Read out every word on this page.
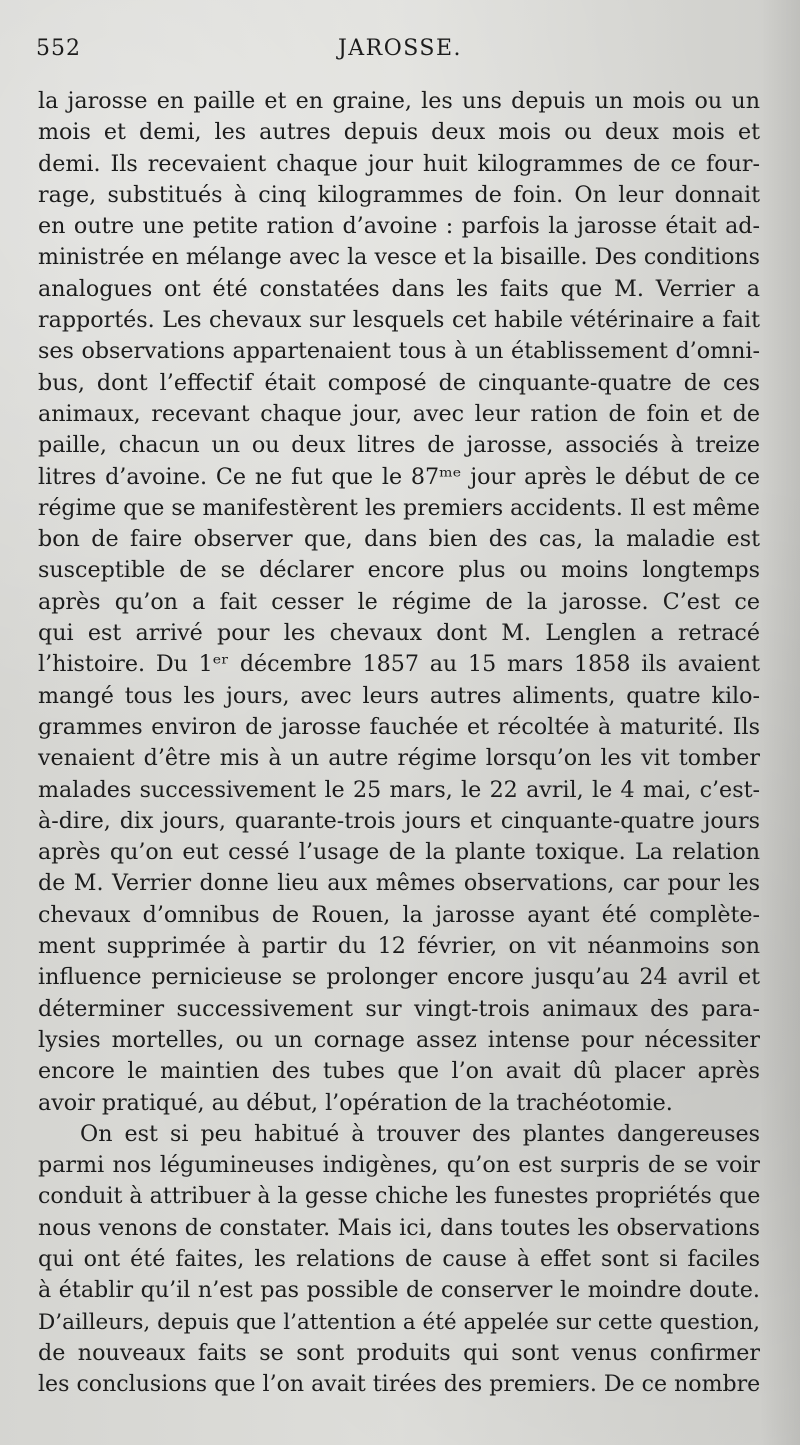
552	JAROSSE.
la jarosse en paille et en graine, les uns depuis un mois ou un
mois et demi, les autres depuis deux mois ou deux mois et
demi. Ils recevaient chaque jour huit kilogrammes de ce four-
rage, substitués à cinq kilogrammes de foin. On leur donnait
en outre une petite ration d’avoine : parfois la jarosse était ad-
ministrée en mélange avec la vesce et la bisaille. Des conditions
analogues ont été constatées dans les faits que M. Verrier a
rapportés. Les chevaux sur lesquels cet habile vétérinaire a fait
ses observations appartenaient tous à un établissement d’omni-
bus, dont l’effectif était composé de cinquante-quatre de ces
animaux, recevant chaque jour, avec leur ration de foin et de
paille, chacun un ou deux litres de jarosse, associés à treize
litres d’avoine. Ce ne fut que le 87ᵐᵉ jour après le début de ce
régime que se manifestèrent les premiers accidents. Il est même
bon de faire observer que, dans bien des cas, la maladie est
susceptible de se déclarer encore plus ou moins longtemps
après qu’on a fait cesser le régime de la jarosse. C’est ce
qui est arrivé pour les chevaux dont M. Lenglen a retracé
l’histoire. Du 1ᵉʳ décembre 1857 au 15 mars 1858 ils avaient
mangé tous les jours, avec leurs autres aliments, quatre kilo-
grammes environ de jarosse fauchée et récoltée à maturité. Ils
venaient d’être mis à un autre régime lorsqu’on les vit tomber
malades successivement le 25 mars, le 22 avril, le 4 mai, c’est-
à-dire, dix jours, quarante-trois jours et cinquante-quatre jours
après qu’on eut cessé l’usage de la plante toxique. La relation
de M. Verrier donne lieu aux mêmes observations, car pour les
chevaux d’omnibus de Rouen, la jarosse ayant été complète-
ment supprimée à partir du 12 février, on vit néanmoins son
influence pernicieuse se prolonger encore jusqu’au 24 avril et
déterminer successivement sur vingt-trois animaux des para-
lysies mortelles, ou un cornage assez intense pour nécessiter
encore le maintien des tubes que l’on avait dû placer après
avoir pratiqué, au début, l’opération de la trachéotomie.
On est si peu habitué à trouver des plantes dangereuses
parmi nos légumineuses indigènes, qu’on est surpris de se voir
conduit à attribuer à la gesse chiche les funestes propriétés que
nous venons de constater. Mais ici, dans toutes les observations
qui ont été faites, les relations de cause à effet sont si faciles
à établir qu’il n’est pas possible de conserver le moindre doute.
D’ailleurs, depuis que l’attention a été appelée sur cette question,
de nouveaux faits se sont produits qui sont venus confirmer
les conclusions que l’on avait tirées des premiers. De ce nombre
